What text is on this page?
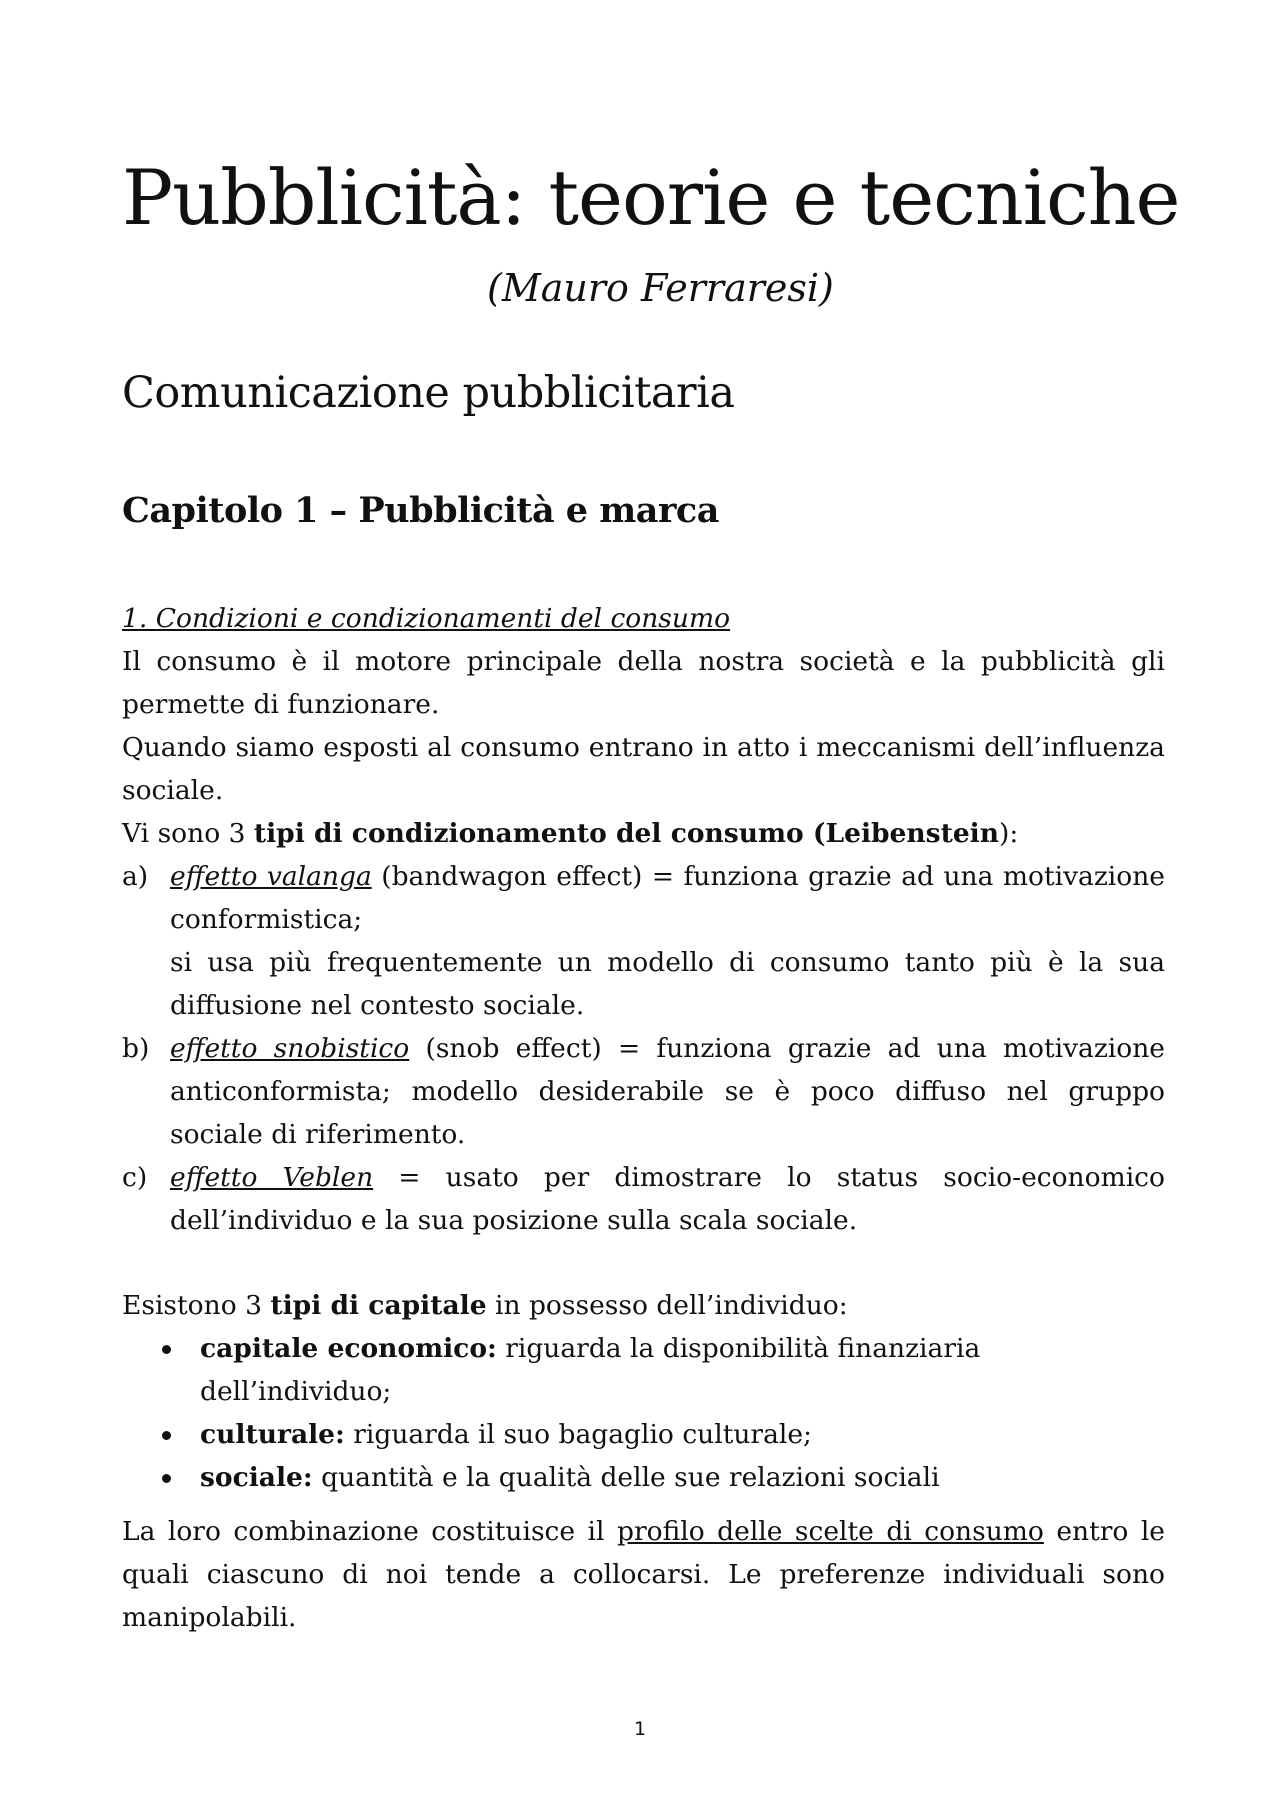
Pubblicità: teorie e tecniche
(Mauro Ferraresi)
Comunicazione pubblicitaria
Capitolo 1 – Pubblicità e marca

1. Condizioni e condizionamenti del consumo

Il consumo è il motore principale della nostra società e la pubblicità gli permette di funzionare.

Quando siamo esposti al consumo entrano in atto i meccanismi dell’influenza sociale.

Vi sono 3 tipi di condizionamento del consumo (Leibenstein):

a) effetto valanga (bandwagon effect) = funziona grazie ad una motivazione conformistica;
si usa più frequentemente un modello di consumo tanto più è la sua diffusione nel contesto sociale.
b) effetto snobistico (snob effect) = funziona grazie ad una motivazione anticonformista; modello desiderabile se è poco diffuso nel gruppo sociale di riferimento.
c) effetto Veblen = usato per dimostrare lo status socio-economico dell’individuo e la sua posizione sulla scala sociale.

Esistono 3 tipi di capitale in possesso dell’individuo:

capitale economico: riguarda la disponibilità finanziaria dell’individuo;
culturale: riguarda il suo bagaglio culturale;
sociale: quantità e la qualità delle sue relazioni sociali

La loro combinazione costituisce il profilo delle scelte di consumo entro le quali ciascuno di noi tende a collocarsi. Le preferenze individuali sono manipolabili.

1
